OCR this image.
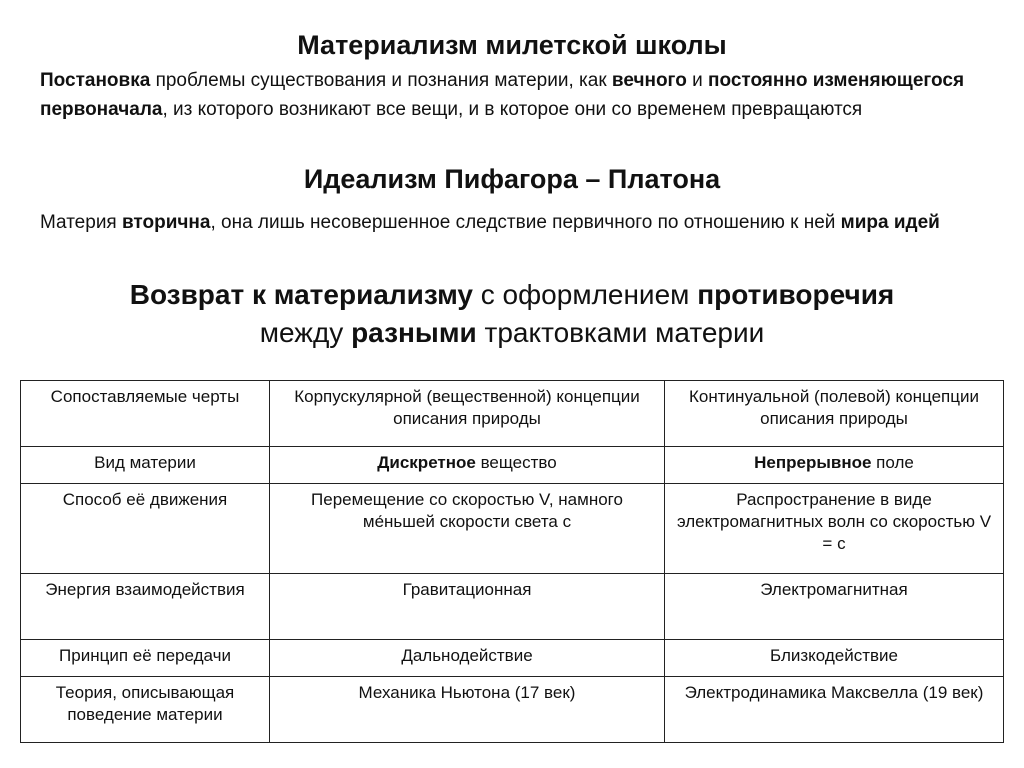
Материализм милетской школы
Постановка проблемы существования и познания материи, как вечного и постоянно изменяющегося первоначала, из которого возникают все вещи, и в которое они со временем превращаются
Идеализм Пифагора – Платона
Материя вторична, она лишь несовершенное следствие первичного по отношению к ней мира идей
Возврат к материализму с оформлением противоречия
между разными трактовками материи
Сопоставляемые черты	Корпускулярной (вещественной) концепции описания природы	Континуальной (полевой) концепции описания природы
Вид материи	Дискретное вещество	Непрерывное поле
Способ её движения	Перемещение со скоростью V, намного ме́ньшей скорости света с	Распространение в виде электромагнитных волн со скоростью V = с
Энергия взаимодействия	Гравитационная	Электромагнитная
Принцип её передачи	Дальнодействие	Близкодействие
Теория, описывающая поведение материи	Механика Ньютона (17 век)	Электродинамика Максвелла (19 век)
